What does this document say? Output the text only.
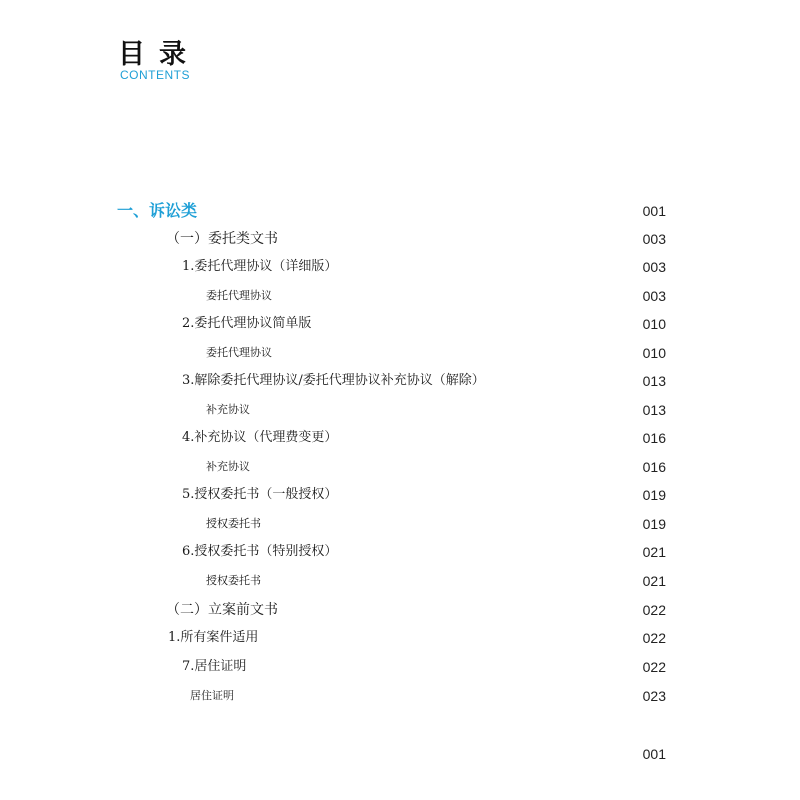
目录
CONTENTS
一、诉讼类	001
（一）委托类文书	003
1.委托代理协议（详细版）	003
委托代理协议	003
2.委托代理协议简单版	010
委托代理协议	010
3.解除委托代理协议/委托代理协议补充协议（解除）	013
补充协议	013
4.补充协议（代理费变更）	016
补充协议	016
5.授权委托书（一般授权）	019
授权委托书	019
6.授权委托书（特别授权）	021
授权委托书	021
（二）立案前文书	022
1.所有案件适用	022
7.居住证明	022
居住证明	023
001
